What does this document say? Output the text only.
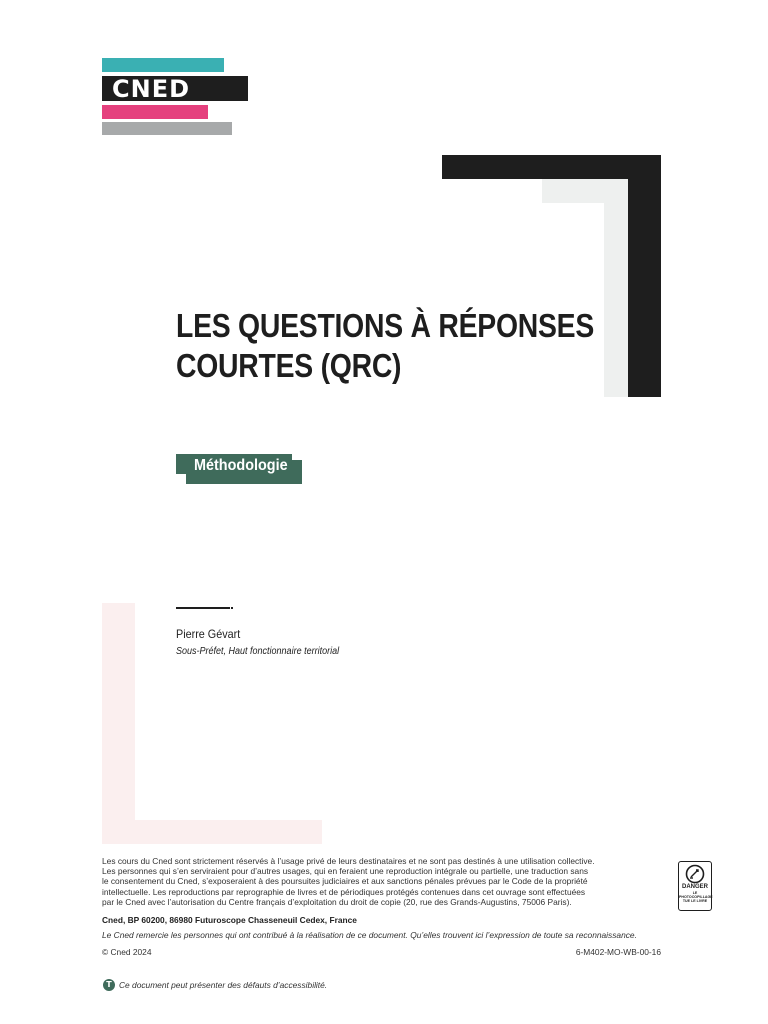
CNED
LES QUESTIONS À RÉPONSES
COURTES (QRC)
Méthodologie
Pierre Gévart
Sous-Préfet, Haut fonctionnaire territorial
Les cours du Cned sont strictement réservés à l’usage privé de leurs destinataires et ne sont pas destinés à une utilisation collective.
Les personnes qui s’en serviraient pour d’autres usages, qui en feraient une reproduction intégrale ou partielle, une traduction sans
le consentement du Cned, s’exposeraient à des poursuites judiciaires et aux sanctions pénales prévues par le Code de la propriété
intellectuelle. Les reproductions par reprographie de livres et de périodiques protégés contenues dans cet ouvrage sont effectuées
par le Cned avec l’autorisation du Centre français d’exploitation du droit de copie (20, rue des Grands-Augustins, 75006 Paris).
Cned, BP 60200, 86980 Futuroscope Chasseneuil Cedex, France
Le Cned remercie les personnes qui ont contribué à la réalisation de ce document. Qu’elles trouvent ici l’expression de toute sa reconnaissance.
© Cned 2024	6-M402-MO-WB-00-16
DANGER
LE
PHOTOCOPILLAGE
TUE LE LIVRE
T Ce document peut présenter des défauts d’accessibilité.
